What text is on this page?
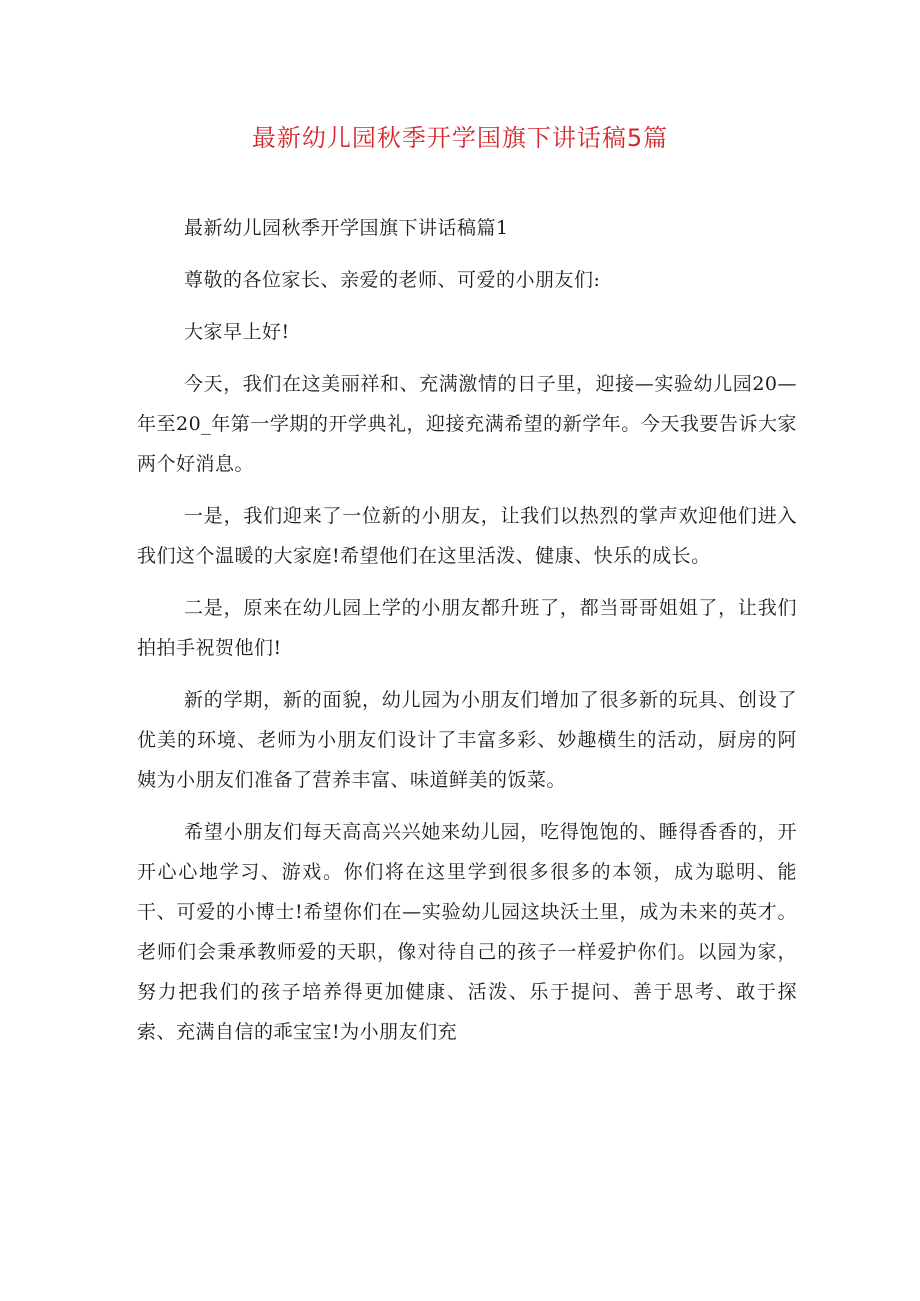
最新幼儿园秋季开学国旗下讲话稿5篇

最新幼儿园秋季开学国旗下讲话稿篇1

尊敬的各位家长、亲爱的老师、可爱的小朋友们:

大家早上好!

今天，我们在这美丽祥和、充满激情的日子里，迎接—实验幼儿园20—年至20_年第一学期的开学典礼，迎接充满希望的新学年。今天我要告诉大家两个好消息。

一是，我们迎来了一位新的小朋友，让我们以热烈的掌声欢迎他们进入我们这个温暖的大家庭!希望他们在这里活泼、健康、快乐的成长。

二是，原来在幼儿园上学的小朋友都升班了，都当哥哥姐姐了，让我们拍拍手祝贺他们!

新的学期，新的面貌，幼儿园为小朋友们增加了很多新的玩具、创设了优美的环境、老师为小朋友们设计了丰富多彩、妙趣横生的活动，厨房的阿姨为小朋友们准备了营养丰富、味道鲜美的饭菜。

希望小朋友们每天高高兴兴她来幼儿园，吃得饱饱的、睡得香香的，开开心心地学习、游戏。你们将在这里学到很多很多的本领，成为聪明、能干、可爱的小博士!希望你们在—实验幼儿园这块沃土里，成为未来的英才。老师们会秉承教师爱的天职，像对待自己的孩子一样爱护你们。以园为家，努力把我们的孩子培养得更加健康、活泼、乐于提问、善于思考、敢于探索、充满自信的乖宝宝!为小朋友们充
